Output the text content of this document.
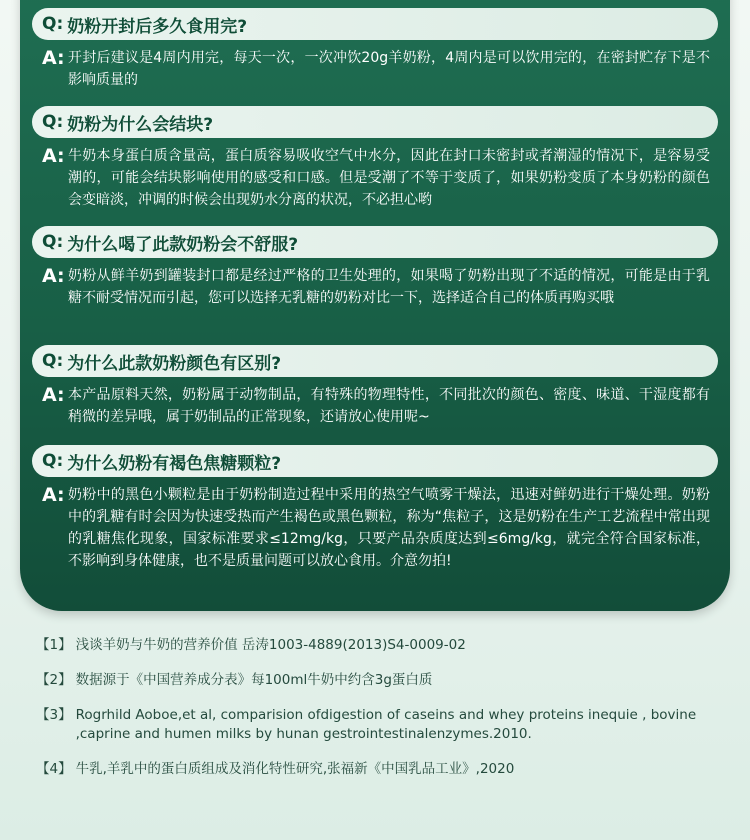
Q: 奶粉开封后多久食用完?
A: 开封后建议是4周内用完，每天一次，一次冲饮20g羊奶粉，4周内是可以饮用完的，在密封贮存下是不影响质量的
Q: 奶粉为什么会结块?
A: 牛奶本身蛋白质含量高，蛋白质容易吸收空气中水分，因此在封口未密封或者潮湿的情况下，是容易受潮的，可能会结块影响使用的感受和口感。但是受潮了不等于变质了，如果奶粉变质了本身奶粉的颜色会变暗淡，冲调的时候会出现奶水分离的状况，不必担心哟
Q: 为什么喝了此款奶粉会不舒服?
A: 奶粉从鲜羊奶到罐装封口都是经过严格的卫生处理的，如果喝了奶粉出现了不适的情况，可能是由于乳糖不耐受情况而引起，您可以选择无乳糖的奶粉对比一下，选择适合自己的体质再购买哦
Q: 为什么此款奶粉颜色有区别?
A: 本产品原料天然，奶粉属于动物制品，有特殊的物理特性，不同批次的颜色、密度、味道、干湿度都有稍微的差异哦，属于奶制品的正常现象，还请放心使用呢~
Q: 为什么奶粉有褐色焦糖颗粒?
A: 奶粉中的黑色小颗粒是由于奶粉制造过程中采用的热空气喷雾干燥法，迅速对鲜奶进行干燥处理。奶粉中的乳糖有时会因为快速受热而产生褐色或黑色颗粒，称为“焦粒子，这是奶粉在生产工艺流程中常出现的乳糖焦化现象，国家标准要求≤12mg/kg，只要产品杂质度达到≤6mg/kg，就完全符合国家标准，不影响到身体健康，也不是质量问题可以放心食用。介意勿拍!
【1】 浅谈羊奶与牛奶的营养价值 岳涛1003-4889(2013)S4-0009-02
【2】 数据源于《中国营养成分表》每100ml牛奶中约含3g蛋白质
【3】 Rogrhild Aoboe,et al, comparision ofdigestion of caseins and whey proteins inequie , bovine ,caprine and humen milks by hunan gestrointestinalenzymes.2010.
【4】 牛乳,羊乳中的蛋白质组成及消化特性研究,张福新《中国乳品工业》,2020
